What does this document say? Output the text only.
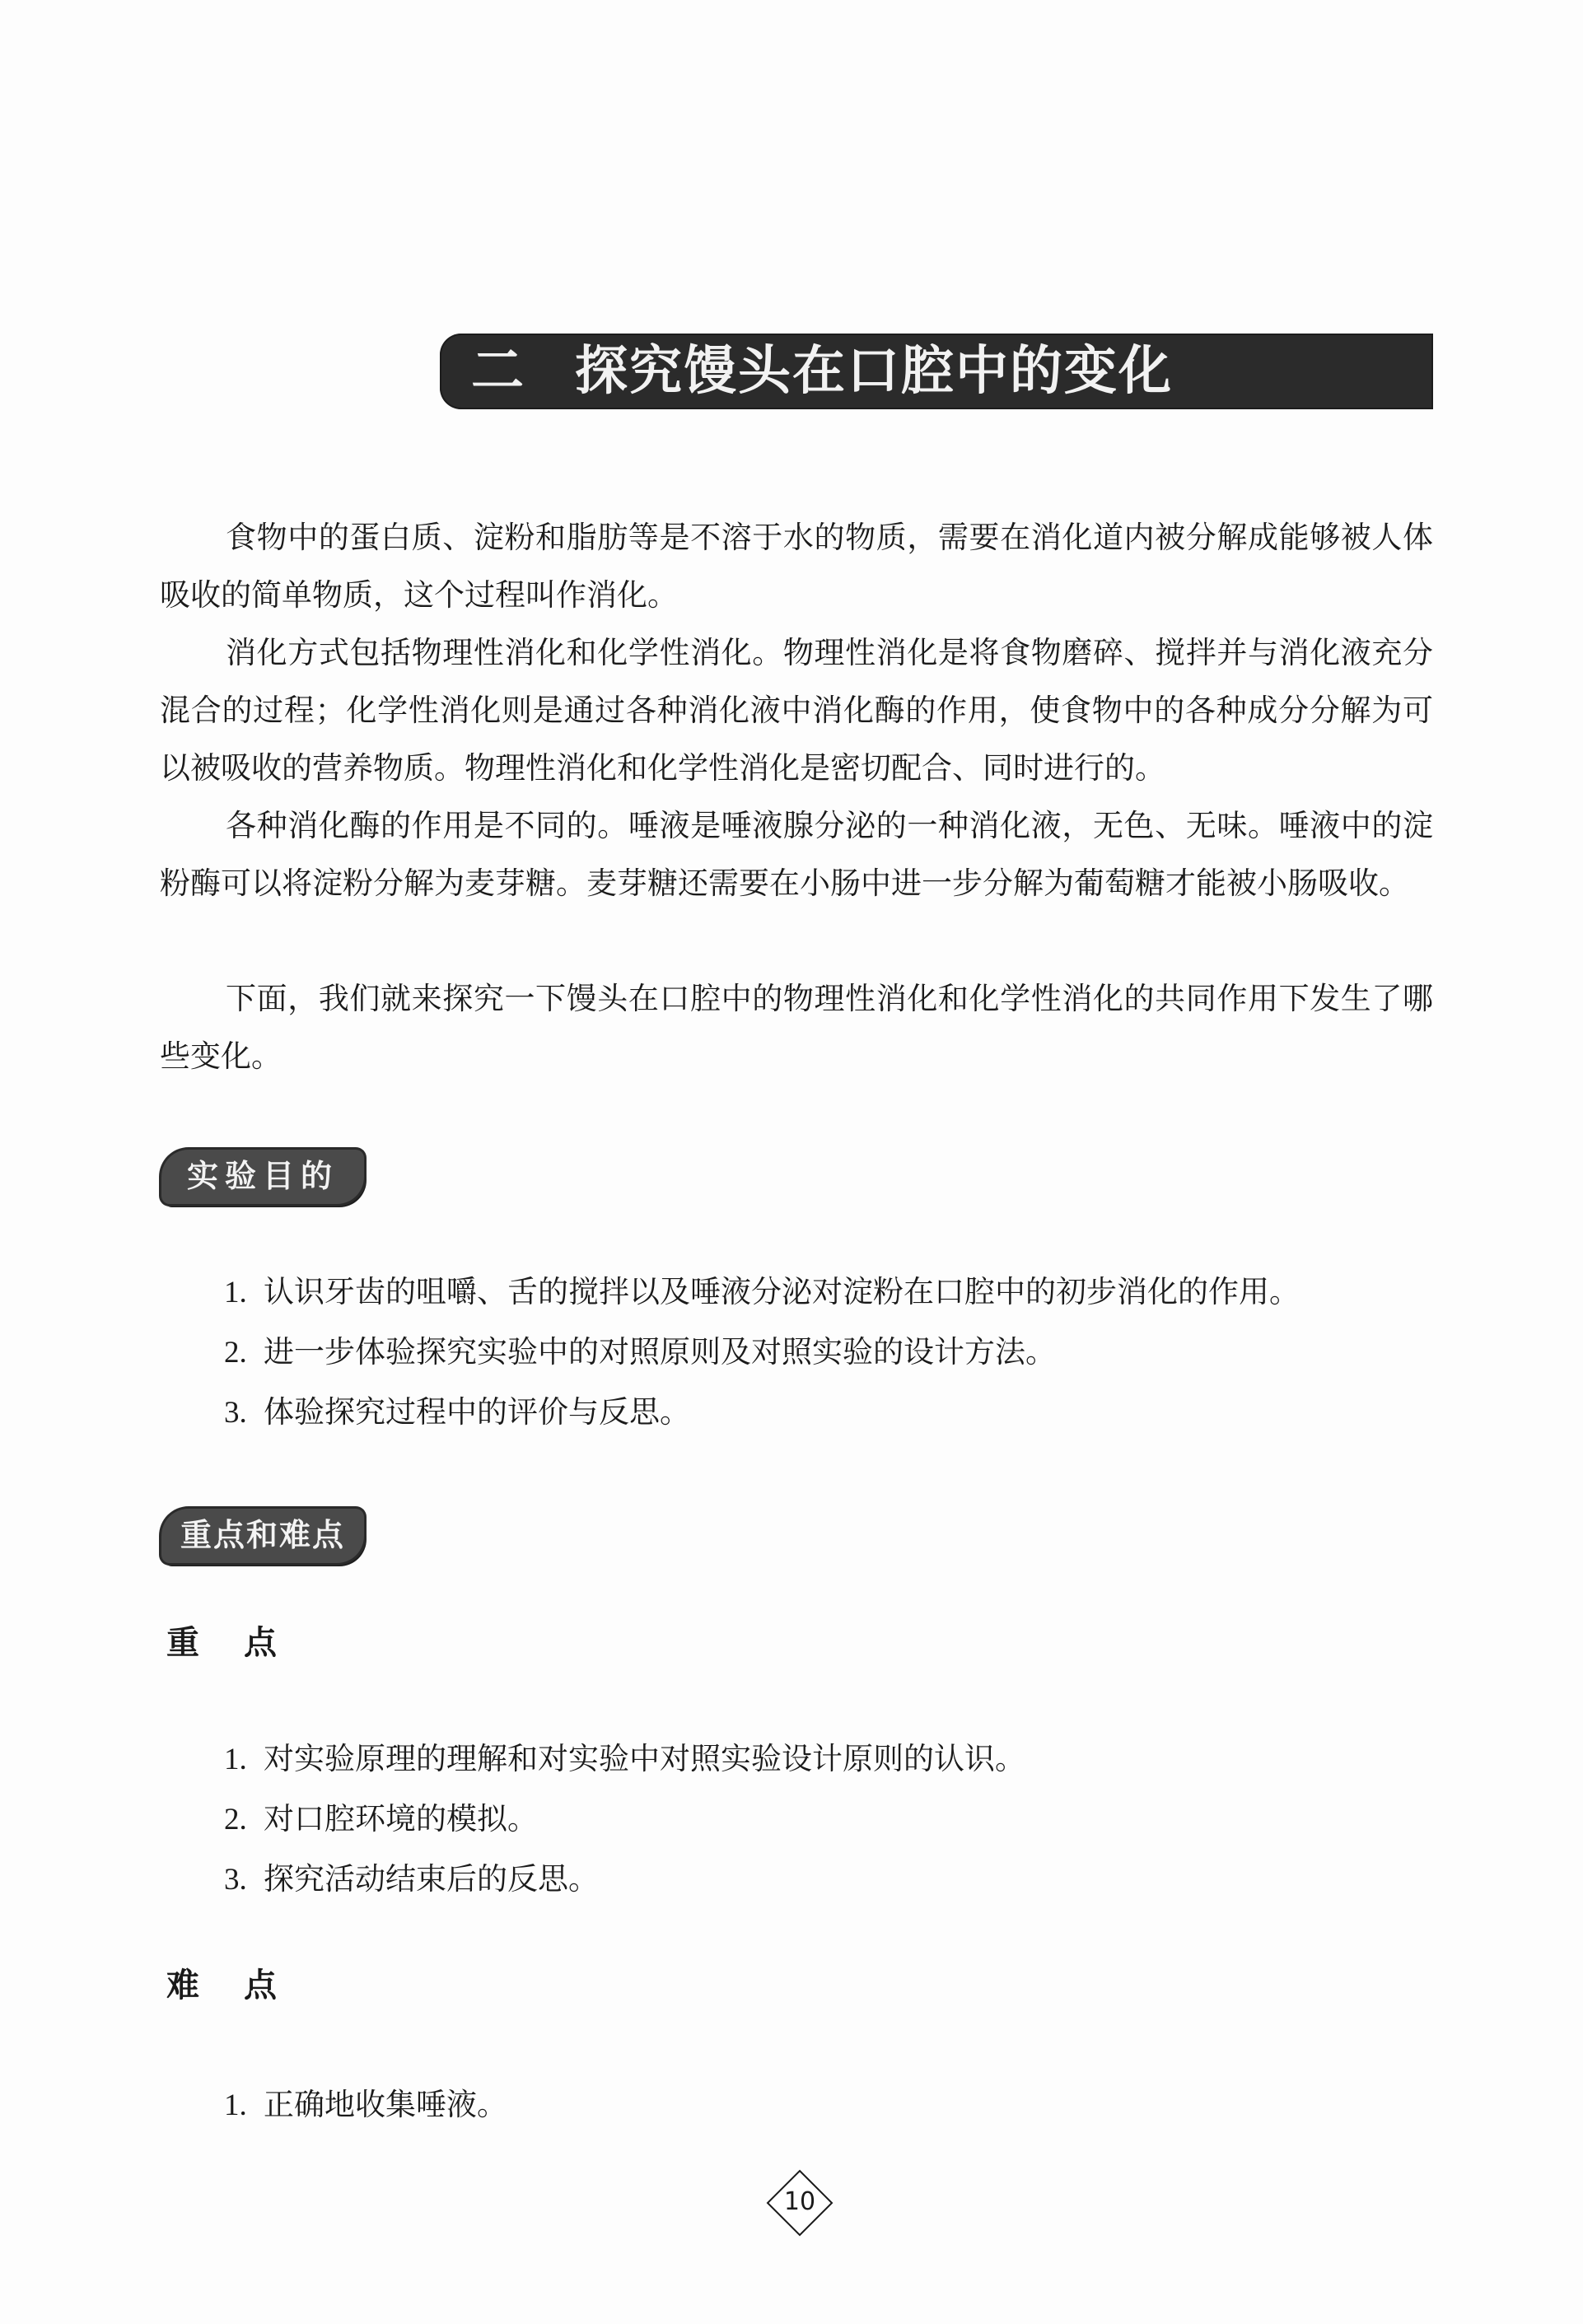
二 探究馒头在口腔中的变化

食物中的蛋白质、淀粉和脂肪等是不溶于水的物质，需要在消化道内被分解成能够被人体吸收的简单物质，这个过程叫作消化。

消化方式包括物理性消化和化学性消化。物理性消化是将食物磨碎、搅拌并与消化液充分混合的过程；化学性消化则是通过各种消化液中消化酶的作用，使食物中的各种成分分解为可以被吸收的营养物质。物理性消化和化学性消化是密切配合、同时进行的。

各种消化酶的作用是不同的。唾液是唾液腺分泌的一种消化液，无色、无味。唾液中的淀粉酶可以将淀粉分解为麦芽糖。麦芽糖还需要在小肠中进一步分解为葡萄糖才能被小肠吸收。

下面，我们就来探究一下馒头在口腔中的物理性消化和化学性消化的共同作用下发生了哪些变化。

实验目的
1. 认识牙齿的咀嚼、舌的搅拌以及唾液分泌对淀粉在口腔中的初步消化的作用。
2. 进一步体验探究实验中的对照原则及对照实验的设计方法。
3. 体验探究过程中的评价与反思。
重点和难点
重点
1. 对实验原理的理解和对实验中对照实验设计原则的认识。
2. 对口腔环境的模拟。
3. 探究活动结束后的反思。
难点
1. 正确地收集唾液。
10
